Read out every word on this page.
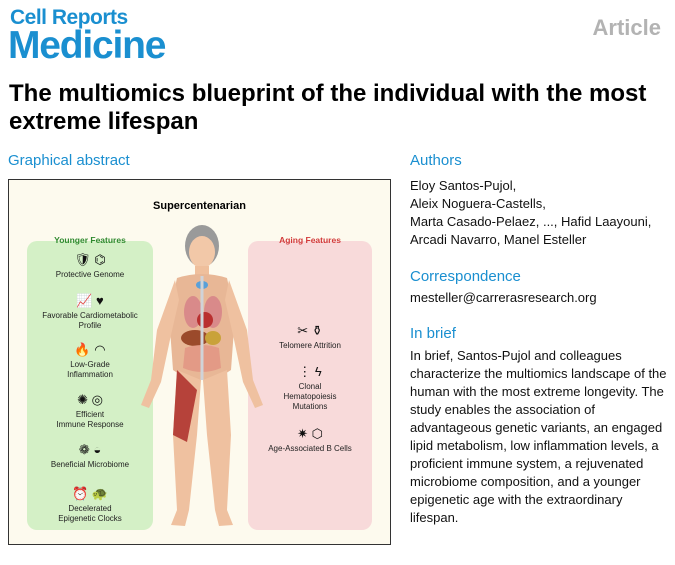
Cell Reports
Medicine	Article
The multiomics blueprint of the individual with the most extreme lifespan
Graphical abstract
Supercentenarian
Younger Features	Aging Features
🛡 ⌬
Protective Genome
📈 ♥
Favorable Cardiometabolic
Profile
🔥 ◠
Low-Grade
Inflammation
✺ ◎
Efficient
Immune Response
❁ ◒
Beneficial Microbiome
⏰ 🐢
Decelerated
Epigenetic Clocks
✂ ⚱
Telomere Attrition
⋮ ϟ
Clonal
Hematopoiesis
Mutations
✷ ⬡
Age-Associated B Cells
Authors
Eloy Santos-Pujol,
Aleix Noguera-Castells,
Marta Casado-Pelaez, ..., Hafid Laayouni,
Arcadi Navarro, Manel Esteller
Correspondence
mesteller@carrerasresearch.org
In brief
In brief, Santos-Pujol and colleagues characterize the multiomics landscape of the human with the most extreme longevity. The study enables the association of advantageous genetic variants, an engaged lipid metabolism, low inflammation levels, a proficient immune system, a rejuvenated microbiome composition, and a younger epigenetic age with the extraordinary lifespan.
